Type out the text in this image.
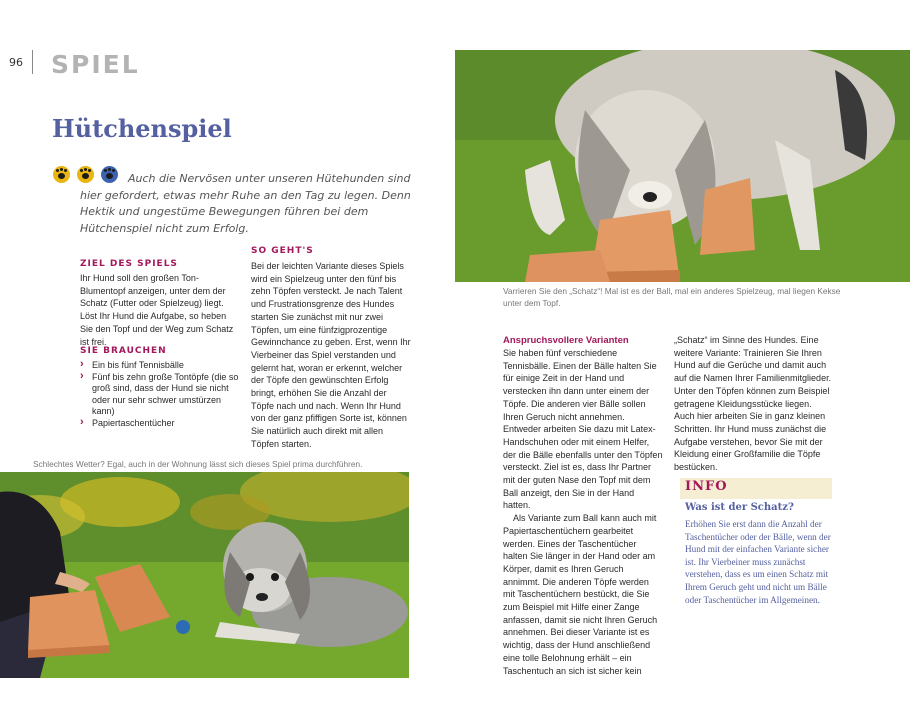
96 SPIEL
Hütchenspiel

Auch die Nervösen unter unseren Hütehunden sind hier gefordert, etwas mehr Ruhe an den Tag zu legen. Denn Hektik und ungestüme Bewegungen führen bei dem Hütchenspiel nicht zum Erfolg.

ZIEL DES SPIELS

Ihr Hund soll den großen Ton-Blumentopf anzeigen, unter dem der Schatz (Futter oder Spielzeug) liegt. Löst Ihr Hund die Aufgabe, so heben Sie den Topf und der Weg zum Schatz ist frei.

SIE BRAUCHEN
› Ein bis fünf Tennisbälle
› Fünf bis zehn große Tontöpfe (die so groß sind, dass der Hund sie nicht oder nur sehr schwer umstürzen kann)
› Papiertaschentücher
SO GEHT'S

Bei der leichten Variante dieses Spiels wird ein Spielzeug unter den fünf bis zehn Töpfen versteckt. Je nach Talent und Frustrationsgrenze des Hundes starten Sie zunächst mit nur zwei Töpfen, um eine fünfzigprozentige Gewinnchance zu geben. Erst, wenn Ihr Vierbeiner das Spiel verstanden und gelernt hat, woran er erkennt, welcher der Töpfe den gewünschten Erfolg bringt, erhöhen Sie die Anzahl der Töpfe nach und nach. Wenn Ihr Hund von der ganz pfiffigen Sorte ist, können Sie natürlich auch direkt mit allen Töpfen starten.

Schlechtes Wetter? Egal, auch in der Wohnung lässt sich dieses Spiel prima durchführen.
Varrieren Sie den „Schatz“! Mal ist es der Ball, mal ein anderes Spielzeug, mal liegen Kekse unter dem Topf.
Anspruchsvollere Varianten

Sie haben fünf verschiedene Tennisbälle. Einen der Bälle halten Sie für einige Zeit in der Hand und verstecken ihn dann unter einem der Töpfe. Die anderen vier Bälle sollen Ihren Geruch nicht annehmen. Entweder arbeiten Sie dazu mit Latex-Handschuhen oder mit einem Helfer, der die Bälle ebenfalls unter den Töpfen versteckt. Ziel ist es, dass Ihr Partner mit der guten Nase den Topf mit dem Ball anzeigt, den Sie in der Hand hatten.

Als Variante zum Ball kann auch mit Papiertaschentüchern gearbeitet werden. Eines der Taschentücher halten Sie länger in der Hand oder am Körper, damit es Ihren Geruch annimmt. Die anderen Töpfe werden mit Taschentüchern bestückt, die Sie zum Beispiel mit Hilfe einer Zange anfassen, damit sie nicht Ihren Geruch annehmen. Bei dieser Variante ist es wichtig, dass der Hund anschließend eine tolle Belohnung erhält – ein Taschentuch an sich ist sicher kein

„Schatz“ im Sinne des Hundes. Eine weitere Variante: Trainieren Sie Ihren Hund auf die Gerüche und damit auch auf die Namen Ihrer Familienmitglieder. Unter den Töpfen können zum Beispiel getragene Kleidungsstücke liegen. Auch hier arbeiten Sie in ganz kleinen Schritten. Ihr Hund muss zunächst die Aufgabe verstehen, bevor Sie mit der Kleidung einer Großfamilie die Töpfe bestücken.

INFO
Was ist der Schatz?

Erhöhen Sie erst dann die Anzahl der Taschentücher oder der Bälle, wenn der Hund mit der einfachen Variante sicher ist. Ihr Vierbeiner muss zunächst verstehen, dass es um einen Schatz mit Ihrem Geruch geht und nicht um Bälle oder Taschentücher im Allgemeinen.
